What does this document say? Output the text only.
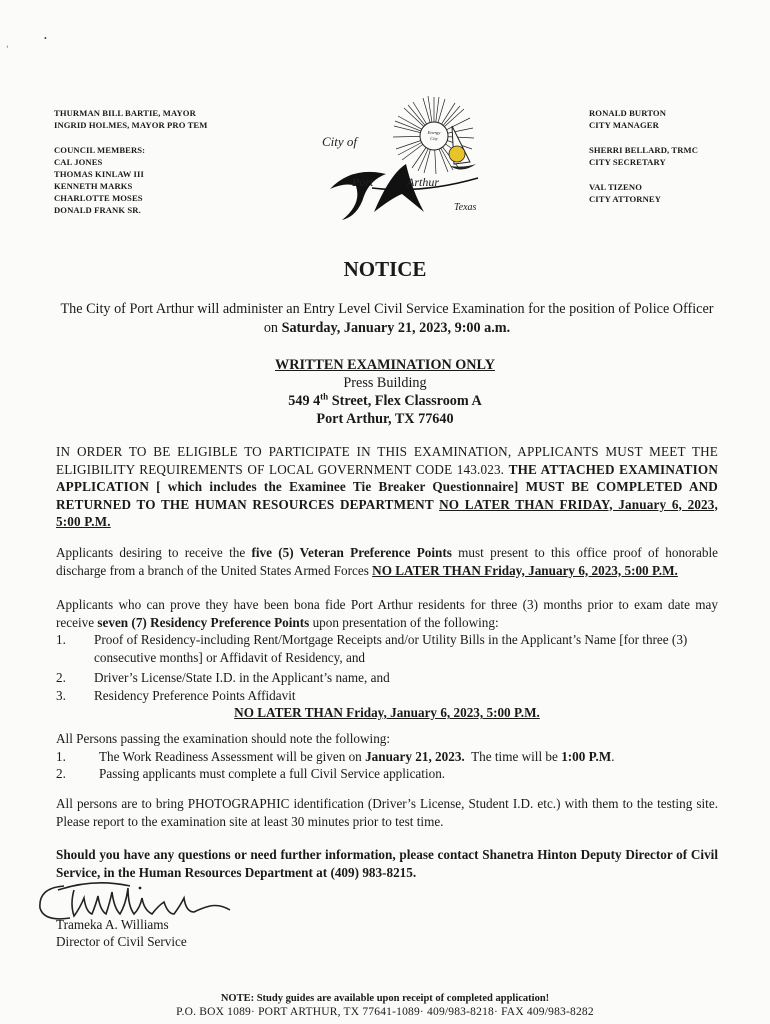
‘
•
THURMAN BILL BARTIE, MAYOR
INGRID HOLMES, MAYOR PRO TEM
COUNCIL MEMBERS:
CAL JONES
THOMAS KINLAW III
KENNETH MARKS
CHARLOTTE MOSES
DONALD FRANK SR.
Energy
City
City of
Port	Arthur
Texas
RONALD BURTON
CITY MANAGER
SHERRI BELLARD, TRMC
CITY SECRETARY
VAL TIZENO
CITY ATTORNEY
NOTICE
The City of Port Arthur will administer an Entry Level Civil Service Examination for the position of Police Officer on Saturday, January 21, 2023, 9:00 a.m.
WRITTEN EXAMINATION ONLY
Press Building
549 4th Street, Flex Classroom A
Port Arthur, TX 77640
IN ORDER TO BE ELIGIBLE TO PARTICIPATE IN THIS EXAMINATION, APPLICANTS MUST MEET THE ELIGIBILITY REQUIREMENTS OF LOCAL GOVERNMENT CODE 143.023. THE ATTACHED EXAMINATION APPLICATION [ which includes the Examinee Tie Breaker Questionnaire] MUST BE COMPLETED AND RETURNED TO THE HUMAN RESOURCES DEPARTMENT NO LATER THAN FRIDAY, January 6, 2023, 5:00 P.M.
Applicants desiring to receive the five (5) Veteran Preference Points must present to this office proof of honorable discharge from a branch of the United States Armed Forces NO LATER THAN Friday, January 6, 2023, 5:00 P.M.
Applicants who can prove they have been bona fide Port Arthur residents for three (3) months prior to exam date may receive seven (7) Residency Preference Points upon presentation of the following:
1. Proof of Residency-including Rent/Mortgage Receipts and/or Utility Bills in the Applicant’s Name [for three (3) consecutive months] or Affidavit of Residency, and
2. Driver’s License/State I.D. in the Applicant’s name, and
3. Residency Preference Points Affidavit
NO LATER THAN Friday, January 6, 2023, 5:00 P.M.
All Persons passing the examination should note the following:
1.	The Work Readiness Assessment will be given on January 21, 2023.  The time will be 1:00 P.M.
2.	Passing applicants must complete a full Civil Service application.
All persons are to bring PHOTOGRAPHIC identification (Driver’s License, Student I.D. etc.) with them to the testing site. Please report to the examination site at least 30 minutes prior to test time.
Should you have any questions or need further information, please contact Shanetra Hinton Deputy Director of Civil Service, in the Human Resources Department at (409) 983-8215.
Trameka A. Williams
Director of Civil Service
NOTE: Study guides are available upon receipt of completed application!
P.O. BOX 1089· PORT ARTHUR, TX 77641-1089· 409/983-8218· FAX 409/983-8282
